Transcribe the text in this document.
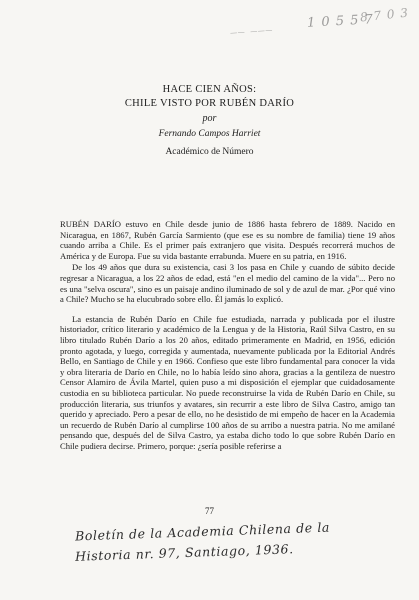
__ ___	1 0 5 5 7
8 7 0 3
HACE CIEN AÑOS:
CHILE VISTO POR RUBÉN DARÍO
por
Fernando Campos Harriet
Académico de Número

RUBÉN DARÍO estuvo en Chile desde junio de 1886 hasta febrero de 1889. Nacido en Nicaragua, en 1867, Rubén García Sarmiento (que ese es su nombre de familia) tiene 19 años cuando arriba a Chile. Es el primer país extranjero que visita. Después recorrerá muchos de América y de Europa. Fue su vida bastante errabunda. Muere en su patria, en 1916.

De los 49 años que dura su existencia, casi 3 los pasa en Chile y cuando de súbito decide regresar a Nicaragua, a los 22 años de edad, está "en el medio del camino de la vida"... Pero no es una "selva oscura", sino es un paisaje andino iluminado de sol y de azul de mar. ¿Por qué vino a Chile? Mucho se ha elucubrado sobre ello. Él jamás lo explicó.

La estancia de Rubén Darío en Chile fue estudiada, narrada y publicada por el ilustre historiador, crítico literario y académico de la Lengua y de la Historia, Raúl Silva Castro, en su libro titulado Rubén Darío a los 20 años, editado primeramente en Madrid, en 1956, edición pronto agotada, y luego, corregida y aumentada, nuevamente publicada por la Editorial Andrés Bello, en Santiago de Chile y en 1966. Confieso que este libro fundamental para conocer la vida y obra literaria de Darío en Chile, no lo había leído sino ahora, gracias a la gentileza de nuestro Censor Alamiro de Ávila Martel, quien puso a mi disposición el ejemplar que cuidadosamente custodia en su biblioteca particular. No puede reconstruirse la vida de Rubén Darío en Chile, su producción literaria, sus triunfos y avatares, sin recurrir a este libro de Silva Castro, amigo tan querido y apreciado. Pero a pesar de ello, no he desistido de mi empeño de hacer en la Academia un recuerdo de Rubén Darío al cumplirse 100 años de su arribo a nuestra patria. No me amilané pensando que, después del de Silva Castro, ya estaba dicho todo lo que sobre Rubén Darío en Chile pudiera decirse. Primero, porque: ¿sería posible referirse a

77
Boletín de la Academia Chilena de la
Historia nr. 97, Santiago, 1936.
